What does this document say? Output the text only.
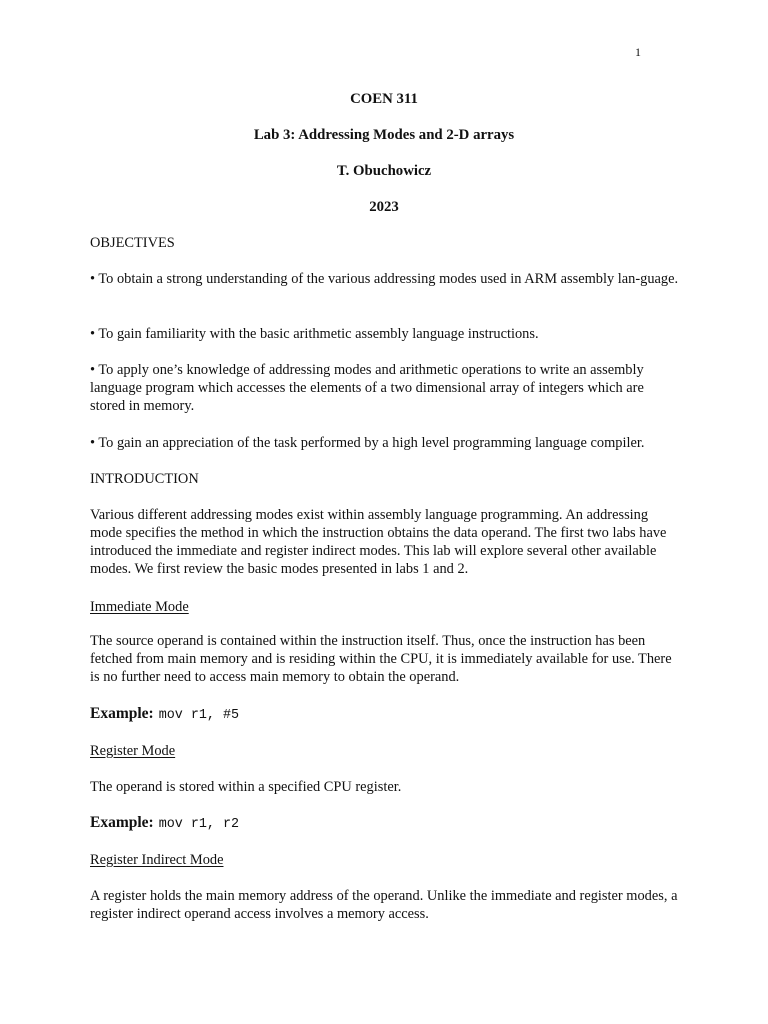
1
COEN 311
Lab 3: Addressing Modes and 2-D arrays
T. Obuchowicz
2023
OBJECTIVES

• To obtain a strong understanding of the various addressing modes used in ARM assembly lan-guage.

• To gain familiarity with the basic arithmetic assembly language instructions.

• To apply one’s knowledge of addressing modes and arithmetic operations to write an assembly language program which accesses the elements of a two dimensional array of integers which are stored in memory.

• To gain an appreciation of the task performed by a high level programming language compiler.

INTRODUCTION

Various different addressing modes exist within assembly language programming. An addressing mode specifies the method in which the instruction obtains the data operand. The first two labs have introduced the immediate and register indirect modes. This lab will explore several other available modes. We first review the basic modes presented in labs 1 and 2.

Immediate Mode

The source operand is contained within the instruction itself. Thus, once the instruction has been fetched from main memory and is residing within the CPU, it is immediately available for use. There is no further need to access main memory to obtain the operand.

Example: mov r1, #5
Register Mode

The operand is stored within a specified CPU register.

Example: mov r1, r2
Register Indirect Mode

A register holds the main memory address of the operand. Unlike the immediate and register modes, a register indirect operand access involves a memory access.
